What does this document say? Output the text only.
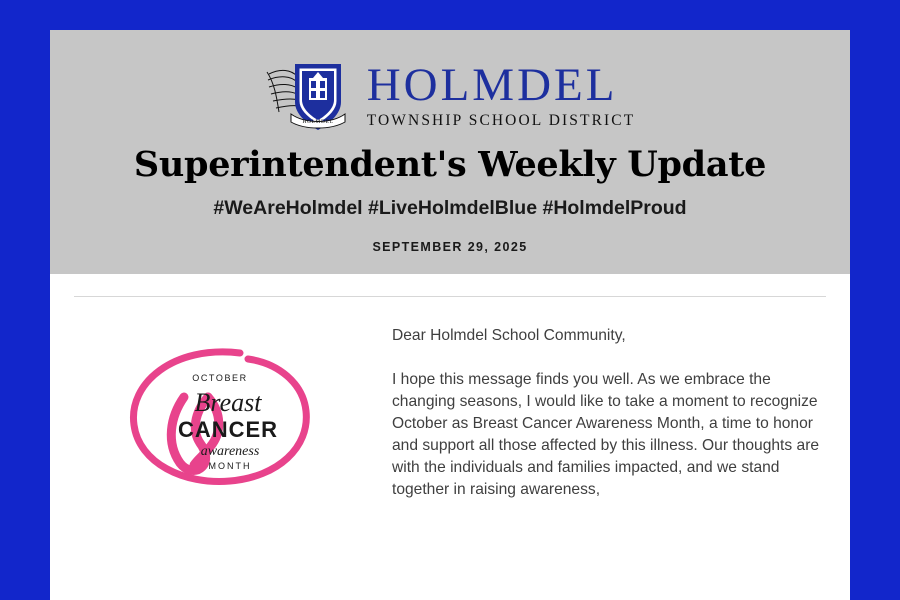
HOLMDEL
HOLMDEL
TOWNSHIP SCHOOL DISTRICT
Superintendent's Weekly Update
#WeAreHolmdel #LiveHolmdelBlue #HolmdelProud
SEPTEMBER 29, 2025
OCTOBER
Breast
CANCER
awareness
MONTH

Dear Holmdel School Community,

I hope this message finds you well. As we embrace the changing seasons, I would like to take a moment to recognize October as Breast Cancer Awareness Month, a time to honor and support all those affected by this illness. Our thoughts are with the individuals and families impacted, and we stand together in raising awareness,
